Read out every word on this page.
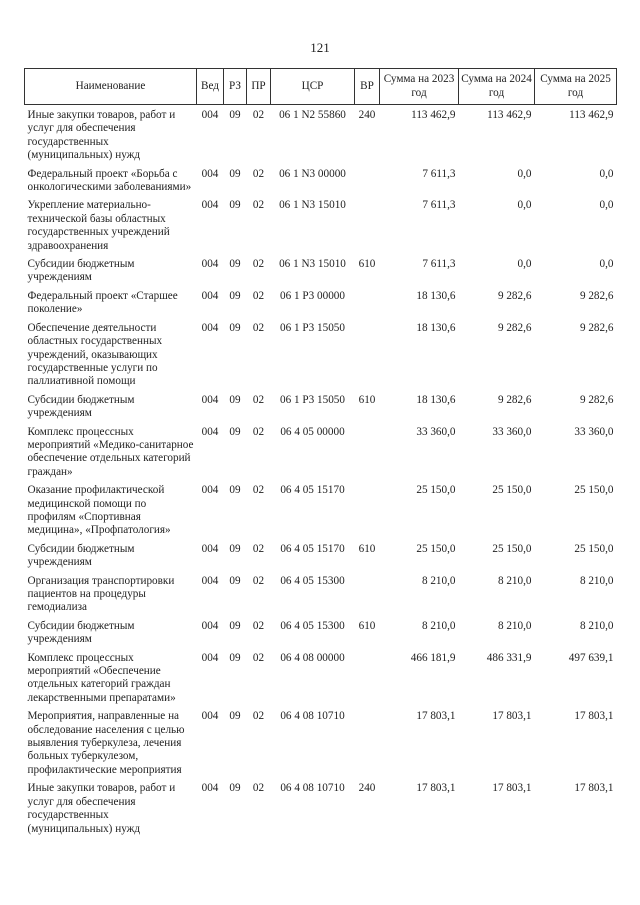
121
Наименование	Вед	РЗ	ПР	ЦСР	ВР	Сумма на 2023 год	Сумма на 2024 год	Сумма на 2025 год
Иные закупки товаров, работ и услуг для обеспечения государственных (муниципальных) нужд	004	09	02	06 1 N2 55860	240	113 462,9	113 462,9	113 462,9
Федеральный проект «Борьба с онкологическими заболеваниями»	004	09	02	06 1 N3 00000		7 611,3	0,0	0,0
Укрепление материально-технической базы областных государственных учреждений здравоохранения	004	09	02	06 1 N3 15010		7 611,3	0,0	0,0
Субсидии бюджетным учреждениям	004	09	02	06 1 N3 15010	610	7 611,3	0,0	0,0
Федеральный проект «Старшее поколение»	004	09	02	06 1 P3 00000		18 130,6	9 282,6	9 282,6
Обеспечение деятельности областных государственных учреждений, оказывающих государственные услуги по паллиативной помощи	004	09	02	06 1 P3 15050		18 130,6	9 282,6	9 282,6
Субсидии бюджетным учреждениям	004	09	02	06 1 P3 15050	610	18 130,6	9 282,6	9 282,6
Комплекс процессных мероприятий «Медико-санитарное обеспечение отдельных категорий граждан»	004	09	02	06 4 05 00000		33 360,0	33 360,0	33 360,0
Оказание профилактической медицинской помощи по профилям «Спортивная медицина», «Профпатология»	004	09	02	06 4 05 15170		25 150,0	25 150,0	25 150,0
Субсидии бюджетным учреждениям	004	09	02	06 4 05 15170	610	25 150,0	25 150,0	25 150,0
Организация транспортировки пациентов на процедуры гемодиализа	004	09	02	06 4 05 15300		8 210,0	8 210,0	8 210,0
Субсидии бюджетным учреждениям	004	09	02	06 4 05 15300	610	8 210,0	8 210,0	8 210,0
Комплекс процессных мероприятий «Обеспечение отдельных категорий граждан лекарственными препаратами»	004	09	02	06 4 08 00000		466 181,9	486 331,9	497 639,1
Мероприятия, направленные на обследование населения с целью выявления туберкулеза, лечения больных туберкулезом, профилактические мероприятия	004	09	02	06 4 08 10710		17 803,1	17 803,1	17 803,1
Иные закупки товаров, работ и услуг для обеспечения государственных (муниципальных) нужд	004	09	02	06 4 08 10710	240	17 803,1	17 803,1	17 803,1
